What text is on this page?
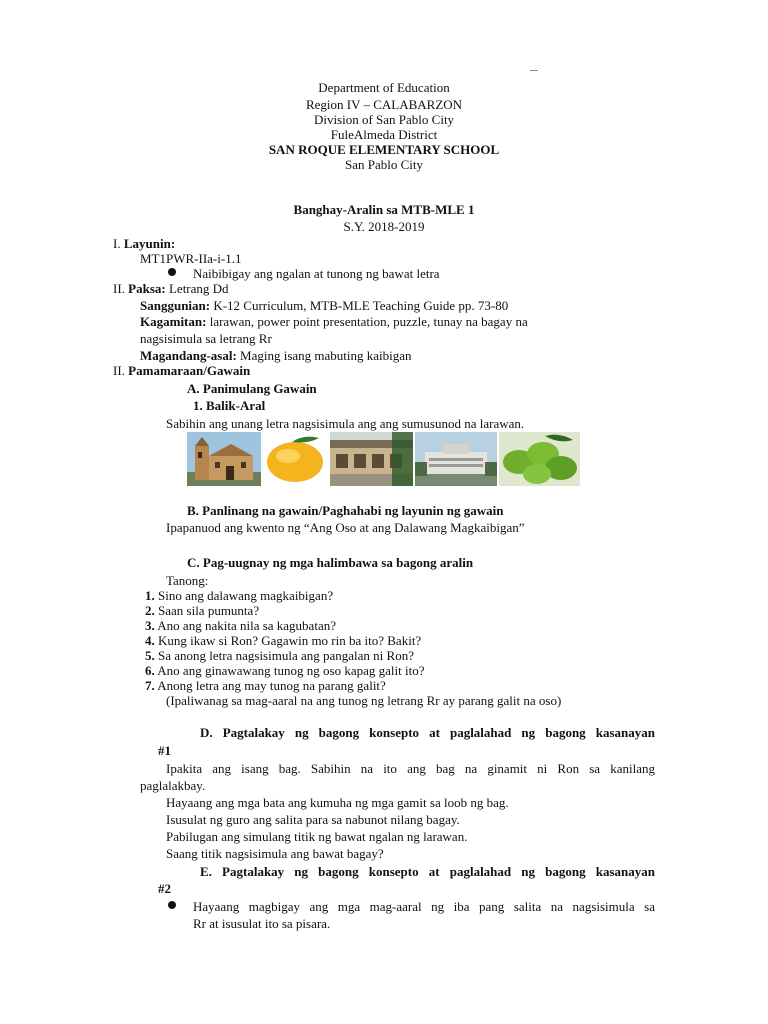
Department of Education
Region IV – CALABARZON
Division of San Pablo City
FuleAlmeda District
SAN ROQUE ELEMENTARY SCHOOL
San Pablo City
Banghay-Aralin sa MTB-MLE 1
S.Y. 2018-2019
I. Layunin:
MT1PWR-IIa-i-1.1
Naibibigay ang ngalan at tunong ng bawat letra
II. Paksa: Letrang Dd
Sanggunian: K-12 Curriculum, MTB-MLE Teaching Guide pp. 73-80
Kagamitan: larawan, power point presentation, puzzle, tunay na bagay na
nagsisimula sa letrang Rr
Magandang-asal: Maging isang mabuting kaibigan
II. Pamamaraan/Gawain
A. Panimulang Gawain
1. Balik-Aral
Sabihin ang unang letra nagsisimula ang ang sumusunod na larawan.
B. Panlinang na gawain/Paghahabi ng layunin ng gawain
Ipapanuod ang kwento ng “Ang Oso at ang Dalawang Magkaibigan”
C. Pag-uugnay ng mga halimbawa sa bagong aralin
Tanong:
1. Sino ang dalawang magkaibigan?
2. Saan sila pumunta?
3. Ano ang nakita nila sa kagubatan?
4. Kung ikaw si Ron? Gagawin mo rin ba ito? Bakit?
5. Sa anong letra nagsisimula ang pangalan ni Ron?
6. Ano ang ginawawang tunog ng oso kapag galit ito?
7. Anong letra ang may tunog na parang galit?
(Ipaliwanag sa mag-aaral na ang tunog ng letrang Rr ay parang galit na oso)
D. Pagtalakay ng bagong konsepto at paglalahad ng bagong kasanayan
#1
Ipakita ang isang bag. Sabihin na ito ang bag na ginamit ni Ron sa kanilang
paglalakbay.
Hayaang ang mga bata ang kumuha ng mga gamit sa loob ng bag.
Isusulat ng guro ang salita para sa nabunot nilang bagay.
Pabilugan ang simulang titik ng bawat ngalan ng larawan.
Saang titik nagsisimula ang bawat bagay?
E. Pagtalakay ng bagong konsepto at paglalahad ng bagong kasanayan
#2
Hayaang magbigay ang mga mag-aaral ng iba pang salita na nagsisimula sa
Rr at isusulat ito sa pisara.
